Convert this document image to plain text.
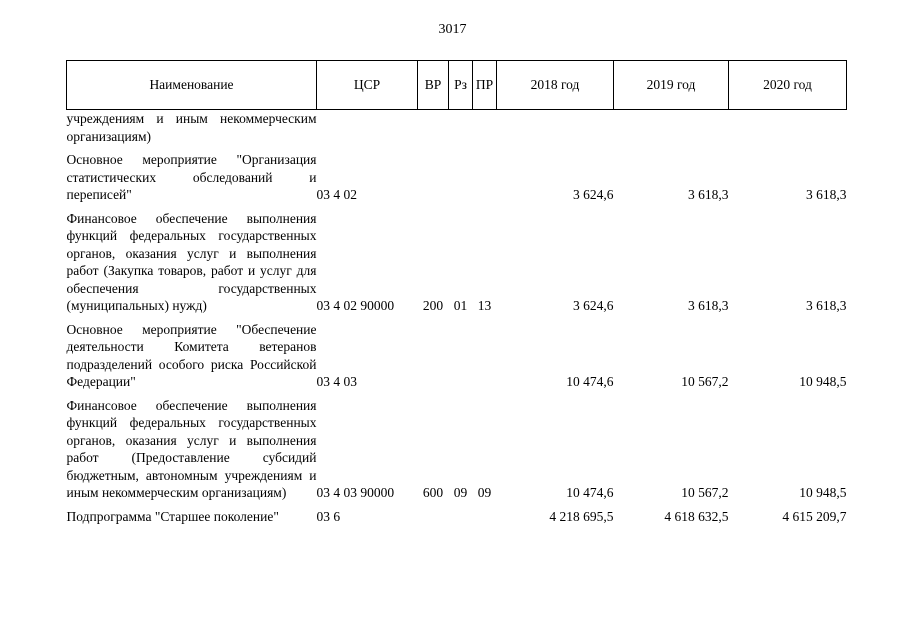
3017
Наименование	ЦСР	ВР	Рз	ПР	2018 год	2019 год	2020 год
учреждениям и иным некоммерческим организациям)							

Основное мероприятие "Организация статистических обследований и переписей"	03 4 02				3 624,6	3 618,3	3 618,3

Финансовое обеспечение выполнения функций федеральных государственных органов, оказания услуг и выполнения работ (Закупка товаров, работ и услуг для обеспечения государственных (муниципальных) нужд)	03 4 02 90000	200	01	13	3 624,6	3 618,3	3 618,3

Основное мероприятие "Обеспечение деятельности Комитета ветеранов подразделений особого риска Российской Федерации"	03 4 03				10 474,6	10 567,2	10 948,5

Финансовое обеспечение выполнения функций федеральных государственных органов, оказания услуг и выполнения работ (Предоставление субсидий бюджетным, автономным учреждениям и иным некоммерческим организациям)	03 4 03 90000	600	09	09	10 474,6	10 567,2	10 948,5

Подпрограмма "Старшее поколение"	03 6				4 218 695,5	4 618 632,5	4 615 209,7
